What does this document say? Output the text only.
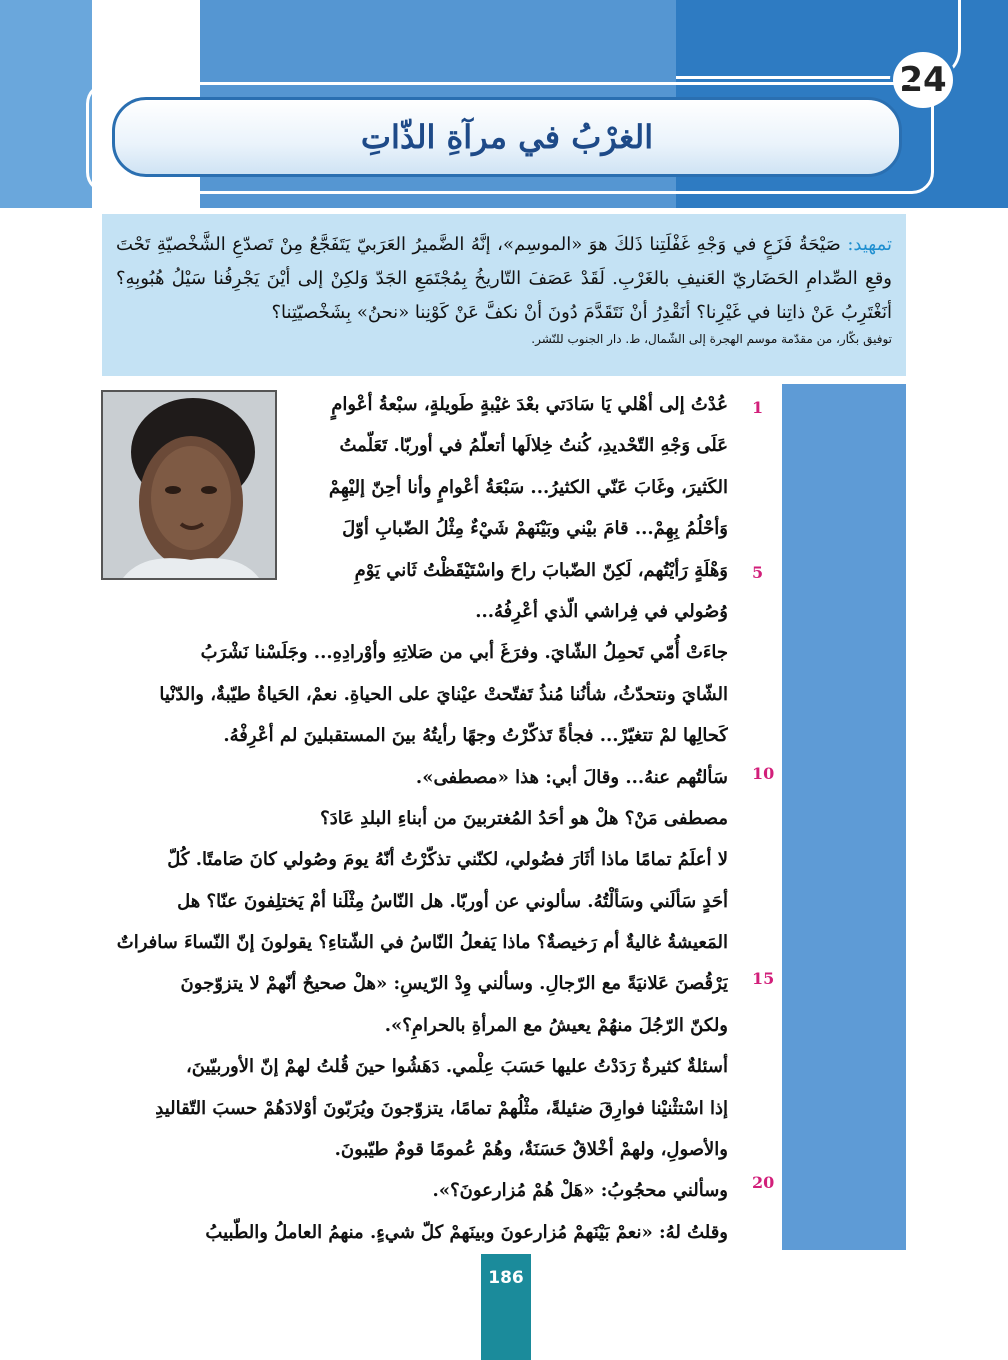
24
الغرْبُ في مرآةِ الذّاتِ

تمهيد: صَيْحَةُ فَزَعٍ في وَجْهِ غَفْلَتِنا ذَلكَ هوَ «الموسِم»، إنَّهُ الضَّميرُ العَرَبيّ يَتَفَجَّعُ مِنْ تَصدّعِ الشَّخْصيّةِ تَحْتَ وقعِ الصِّدامِ الحَضَاريّ العَنيفِ بالغَرْبِ. لَقَدْ عَصَفَ التّاريخُ بِمُجْتَمَعِ الجَدّ وَلكِنْ إلى أيْنَ يَجْرِفُنا سَيْلُ هُبُوبِهِ؟ أنَغْتَرِبُ عَنْ ذاتِنا في غَيْرِنا؟ أنَقْدِرُ أنْ نَتَقَدَّمَ دُونَ أنْ نكفَّ عَنْ كَوْنِنا «نحنُ» بِشَخْصيّتِنا؟

توفيق بكّار، من مقدّمة موسم الهجرة إلى الشّمال، ط. دار الجنوب للنّشر.

1
5
10
15
20
عُدْتُ إلى أهْلي يَا سَادَتي بعْدَ غيْبةٍ طَويلةٍ، سبْعةُ أعْوامٍ
عَلَى وَجْهِ التّحْديدِ، كُنتُ خِلالَها أتعلّمُ في أوربّا. تَعَلّمتُ
الكَثيرَ، وغَابَ عَنّي الكثيرُ... سَبْعَةُ أعْوامٍ وأنا أحِنّ إليْهِمْ
وَأحْلُمُ بِهِمْ... قامَ بيْني وبَيْنَهمْ شَيْءٌ مِثْلُ الضّبابِ أوّلَ
وَهْلَةٍ رَأيْتُهم، لَكِنّ الضّبابَ راحَ واسْتَيْقَظْتُ ثَاني يَوْمِ
وُصُولي في فِراشي الّذي أعْرِفُهُ...
جاءَتْ أُمّي تَحمِلُ الشّايَ. وفرَغَ أبي من صَلاتِهِ وأوْرادِهِ... وجَلَسْنا نَشْرَبُ
الشّايَ ونتحدّثُ، شأنُنا مُنذُ تَفتّحتْ عيْنايَ على الحياةِ. نعمْ، الحَياةُ طيّبةٌ، والدّنْيا
كَحالِها لمْ تتغيّرْ... فجأةً تَذكّرْتُ وجهًا رأيتُهُ بينَ المستقبلينَ لم أعْرِفْهُ.
سَألتُهم عنهُ... وقالَ أبي: هذا «مصطفى».
مصطفى مَنْ؟ هلْ هو أحَدُ المُغتربينَ من أبناءِ البلدِ عَادَ؟
لا أعلَمُ تمامًا ماذا أثَارَ فضُولي، لكنّني تذكّرْتُ أنّهُ يومَ وصُولي كانَ صَامتًا. كُلّ
أحَدٍ سَألَني وسَألْتُهُ. سألوني عن أوربّا. هل النّاسُ مِثْلَنا أمْ يَختلِفونَ عنّا؟ هل
المَعيشةُ غاليةٌ أم رَخيصةٌ؟ ماذا يَفعلُ النّاسُ في الشّتاءِ؟ يقولونَ إنّ النّساءَ سافراتٌ
يَرْقُصنَ عَلانيَةً مع الرّجالِ. وسألني وِدْ الرّيسِ: «هلْ صحيحٌ أنّهمْ لا يتزوّجونَ
ولكنّ الرّجُلَ منهُمْ يعيشُ مع المرأةِ بالحرامِ؟».
أسئلةٌ كثيرةٌ رَدَدْتُ عليها حَسَبَ عِلْمي. دَهَشُوا حينَ قُلتُ لهمْ إنّ الأوربيّينَ،
إذا اسْتثْنيْنا فوارِقَ ضئيلةً، مثْلُهمْ تمامًا، يتزوّجونَ ويُرَبّونَ أوْلادَهُمْ حسبَ التّقاليدِ
والأصولِ، ولهمْ أخْلاقٌ حَسَنَةٌ، وهُمْ عُمومًا قومٌ طيّبونَ.
وسألني محجُوبُ: «هَلْ هُمْ مُزارعونَ؟».
وقلتُ لهُ: «نعمْ بَيْنَهمْ مُزارعونَ وبينَهمْ كلّ شيءٍ. منهمُ العاملُ والطّبيبُ
186
